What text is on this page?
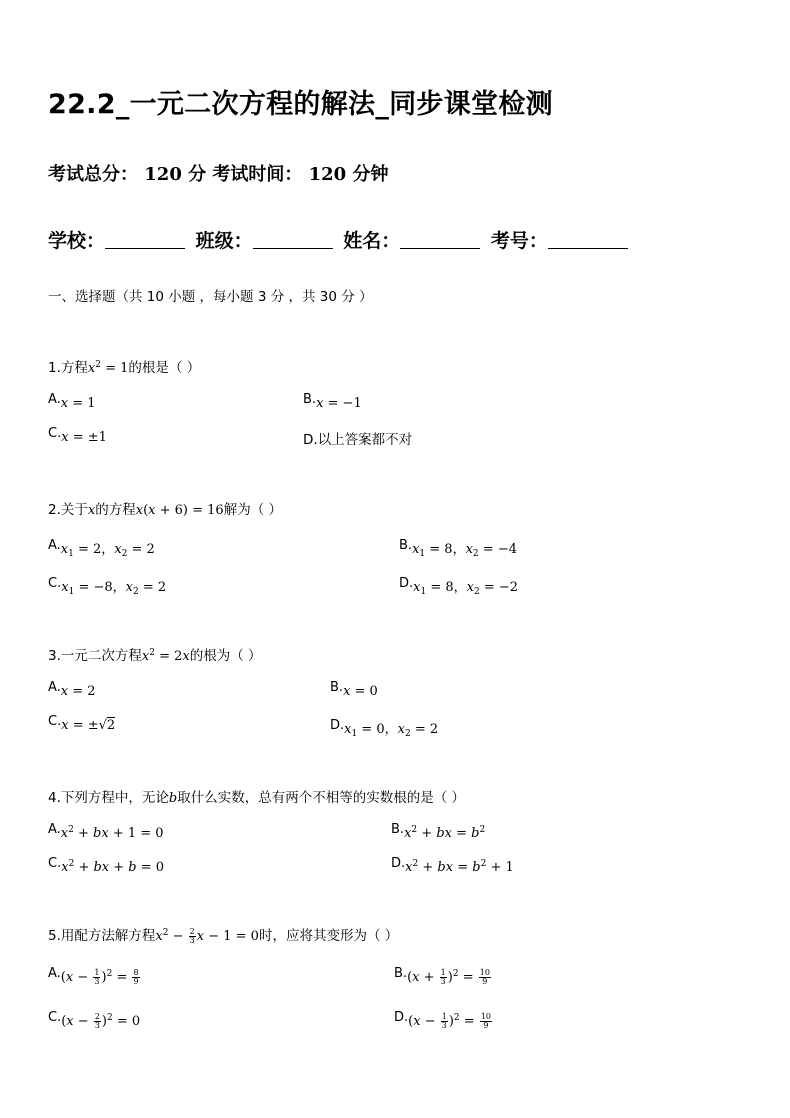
22.2_一元二次方程的解法_同步课堂检测
考试总分： 120 分 考试时间： 120 分钟
学校：	班级：	姓名：	考号：
一、选择题（共 10 小题 ，每小题 3 分 ，共 30 分 ）
1.方程$x^2 = 1$的根是（ ）
A.x = 1	B.x = −1
C.x = ±1	D.以上答案都不对
2.关于x的方程x(x + 6) = 16解为（ ）
$A.x_1 = 2$，$x_2 = 2$	$B.x_1 = 8$，$x_2 = -4$
$C.x_1 = -8$，$x_2 = 2$	$D.x_1 = 8$，$x_2 = -2$
3.一元二次方程$x^2 = 2x$的根为（ ）
A.x = 2	B.x = 0
C.x = ±√2	$D.x_1 = 0$，$x_2 = 2$
4.下列方程中，无论b取什么实数，总有两个不相等的实数根的是（ ）
$A.x^2$ + bx + 1 = 0	$B.x^2$ + bx = $b^2$
$C.x^2$ + bx + b = 0	$D.x^2$ + bx = $b^2 + 1$
5.用配方法解方程$x^2 - \frac{2}{3}$ x − 1 = 0时，应将其变形为（ ）
$A.(x - \frac{1}{3} )^2 = \frac{8}{9}$	$B.(x + \frac{1}{3} )^2 = \frac{10}{9}$
$C.(x - \frac{2}{3} )^2 = 0$	$D.(x - \frac{1}{3} )^2 = \frac{10}{9}$
